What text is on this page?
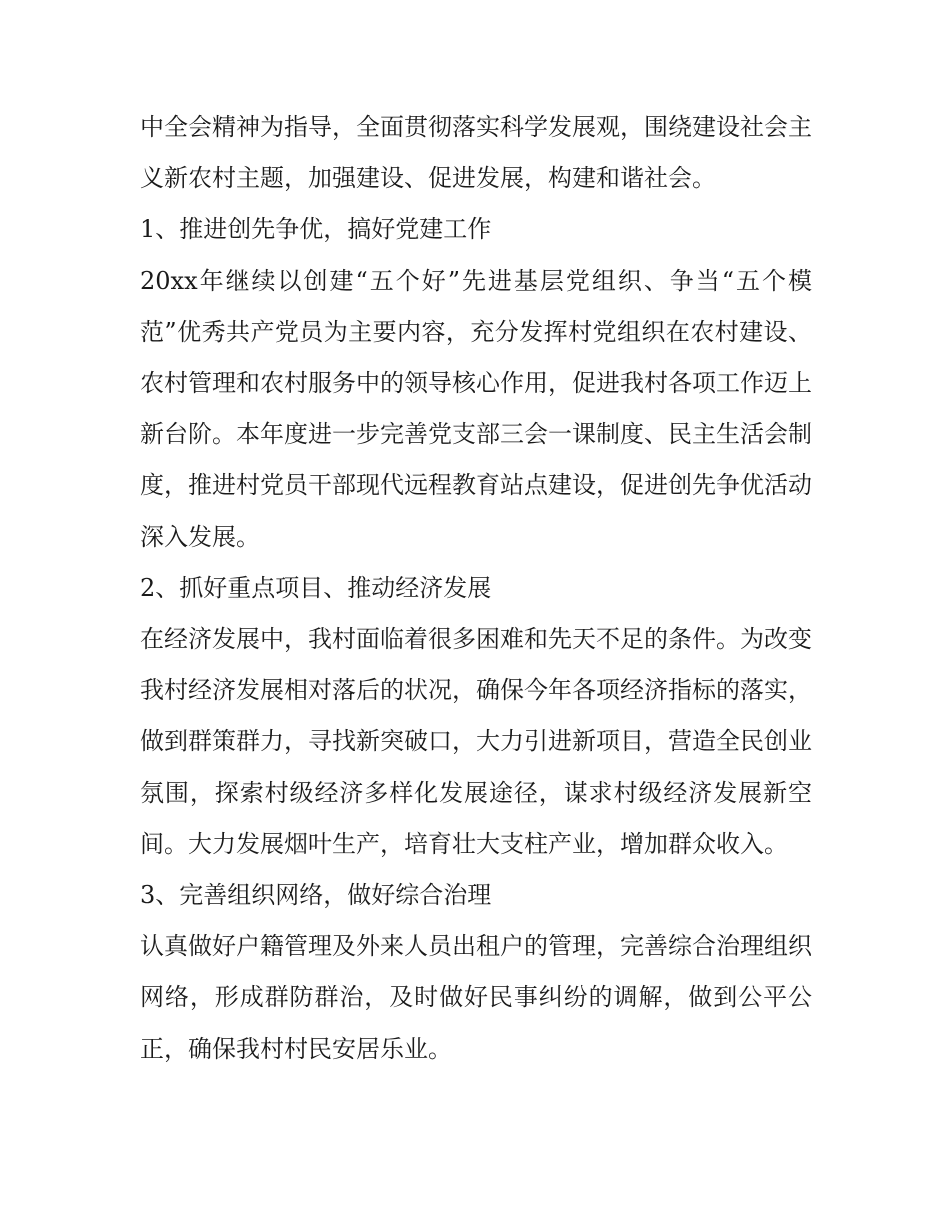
中全会精神为指导，全面贯彻落实科学发展观，围绕建设社会主义新农村主题，加强建设、促进发展，构建和谐社会。

1、推进创先争优，搞好党建工作

20xx年继续以创建“五个好”先进基层党组织、争当“五个模范”优秀共产党员为主要内容，充分发挥村党组织在农村建设、农村管理和农村服务中的领导核心作用，促进我村各项工作迈上新台阶。本年度进一步完善党支部三会一课制度、民主生活会制度，推进村党员干部现代远程教育站点建设，促进创先争优活动深入发展。

2、抓好重点项目、推动经济发展

在经济发展中，我村面临着很多困难和先天不足的条件。为改变我村经济发展相对落后的状况，确保今年各项经济指标的落实，做到群策群力，寻找新突破口，大力引进新项目，营造全民创业氛围，探索村级经济多样化发展途径，谋求村级经济发展新空间。大力发展烟叶生产，培育壮大支柱产业，增加群众收入。

3、完善组织网络，做好综合治理

认真做好户籍管理及外来人员出租户的管理，完善综合治理组织网络，形成群防群治，及时做好民事纠纷的调解，做到公平公正，确保我村村民安居乐业。
